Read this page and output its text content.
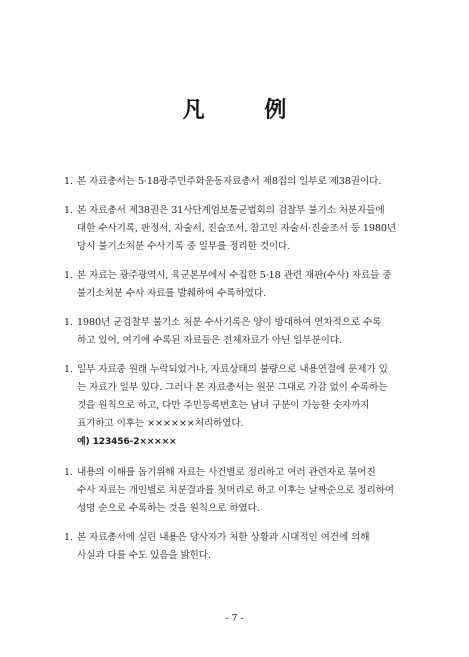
凡 例
1. 본 자료총서는 5·18광주민주화운동자료총서 제8집의 일부로 제38권이다.
1. 본 자료총서 제38권은 31사단계엄보통군법회의 검찰부 불기소 처분자들에
대한 수사기록, 판정서, 자술서, 진술조서, 참고인 자술서·진술조서 등 1980년
당시 불기소처분 수사기록 중 일부를 정리한 것이다.
1. 본 자료는 광주광역시, 육군본부에서 수집한 5·18 관련 재판(수사) 자료들 중
불기소처분 수사 자료를 발췌하여 수록하였다.
1. 1980년 군검찰부 불기소 처분 수사기록은 양이 방대하여 연차적으로 수록
하고 있어, 여기에 수록된 자료들은 전체자료가 아닌 일부분이다.
1. 일부 자료중 원래 누락되었거나, 자료상태의 불량으로 내용연결에 문제가 있
는 자료가 일부 있다. 그러나 본 자료총서는 원문 그대로 가감 없이 수록하는
것을 원칙으로 하고, 다만 주민등록번호는 남녀 구분이 가능한 숫자까지
표기하고 이후는 ××××××처리하였다.
예) 123456-2×××××
1. 내용의 이해를 돕기위해 자료는 사건별로 정리하고 여러 관련자로 묶어진
수사 자료는 개인별로 처분결과를 첫머리로 하고 이후는 날짜순으로 정리하여
성명 순으로 수록하는 것을 원칙으로 하였다.
1. 본 자료총서에 실린 내용은 당사자가 처한 상황과 시대적인 여건에 의해
사실과 다를 수도 있음을 밝힌다.
- 7 -
